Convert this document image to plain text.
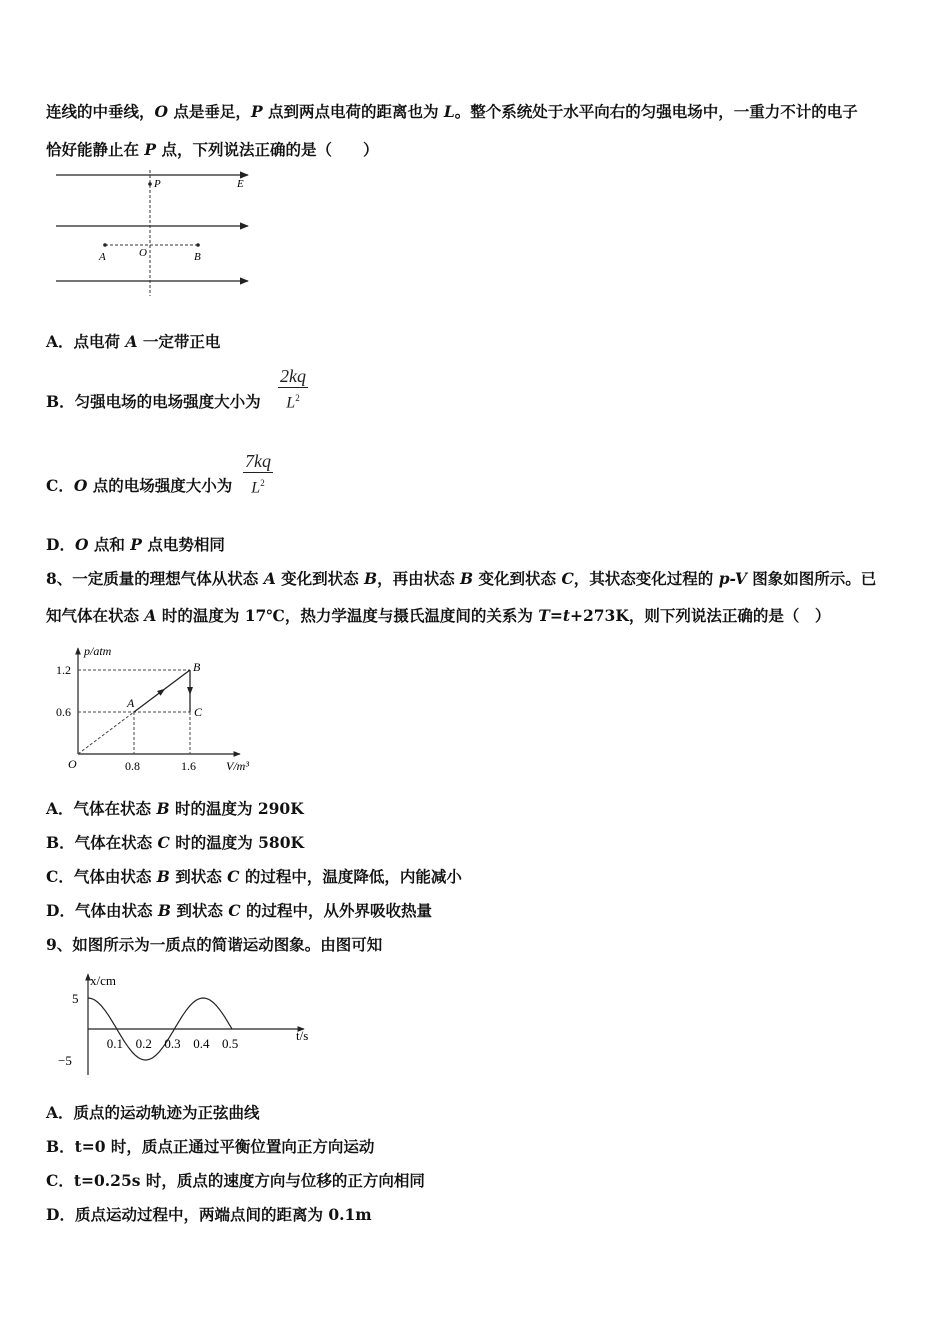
连线的中垂线，O 点是垂足，P 点到两点电荷的距离也为 L。整个系统处于水平向右的匀强电场中，一重力不计的电子
恰好能静止在 P 点，下列说法正确的是（　　）
P	E
A	O	B
A．点电荷 A 一定带正电
B．匀强电场的电场强度大小为
2kq
$L^2$
C．O 点的电场强度大小为
7kq
$L^2$
D．O 点和 P 点电势相同
8、一定质量的理想气体从状态 A 变化到状态 B，再由状态 B 变化到状态 C，其状态变化过程的 p-V 图象如图所示。已
知气体在状态 A 时的温度为 17℃，热力学温度与摄氏温度间的关系为 T=t+273K，则下列说法正确的是（　）
p/atm
V/m³
O
1.2
0.6
0.8	1.6
A
B
C
A．气体在状态 B 时的温度为 290K
B．气体在状态 C 时的温度为 580K
C．气体由状态 B 到状态 C 的过程中，温度降低，内能减小
D．气体由状态 B 到状态 C 的过程中，从外界吸收热量
9、如图所示为一质点的简谐运动图象。由图可知
x/cm
t/s
5
−5
0.1 0.2 0.3 0.4 0.5
A．质点的运动轨迹为正弦曲线
B．t=0 时，质点正通过平衡位置向正方向运动
C．t=0.25s 时，质点的速度方向与位移的正方向相同
D．质点运动过程中，两端点间的距离为 0.1m
